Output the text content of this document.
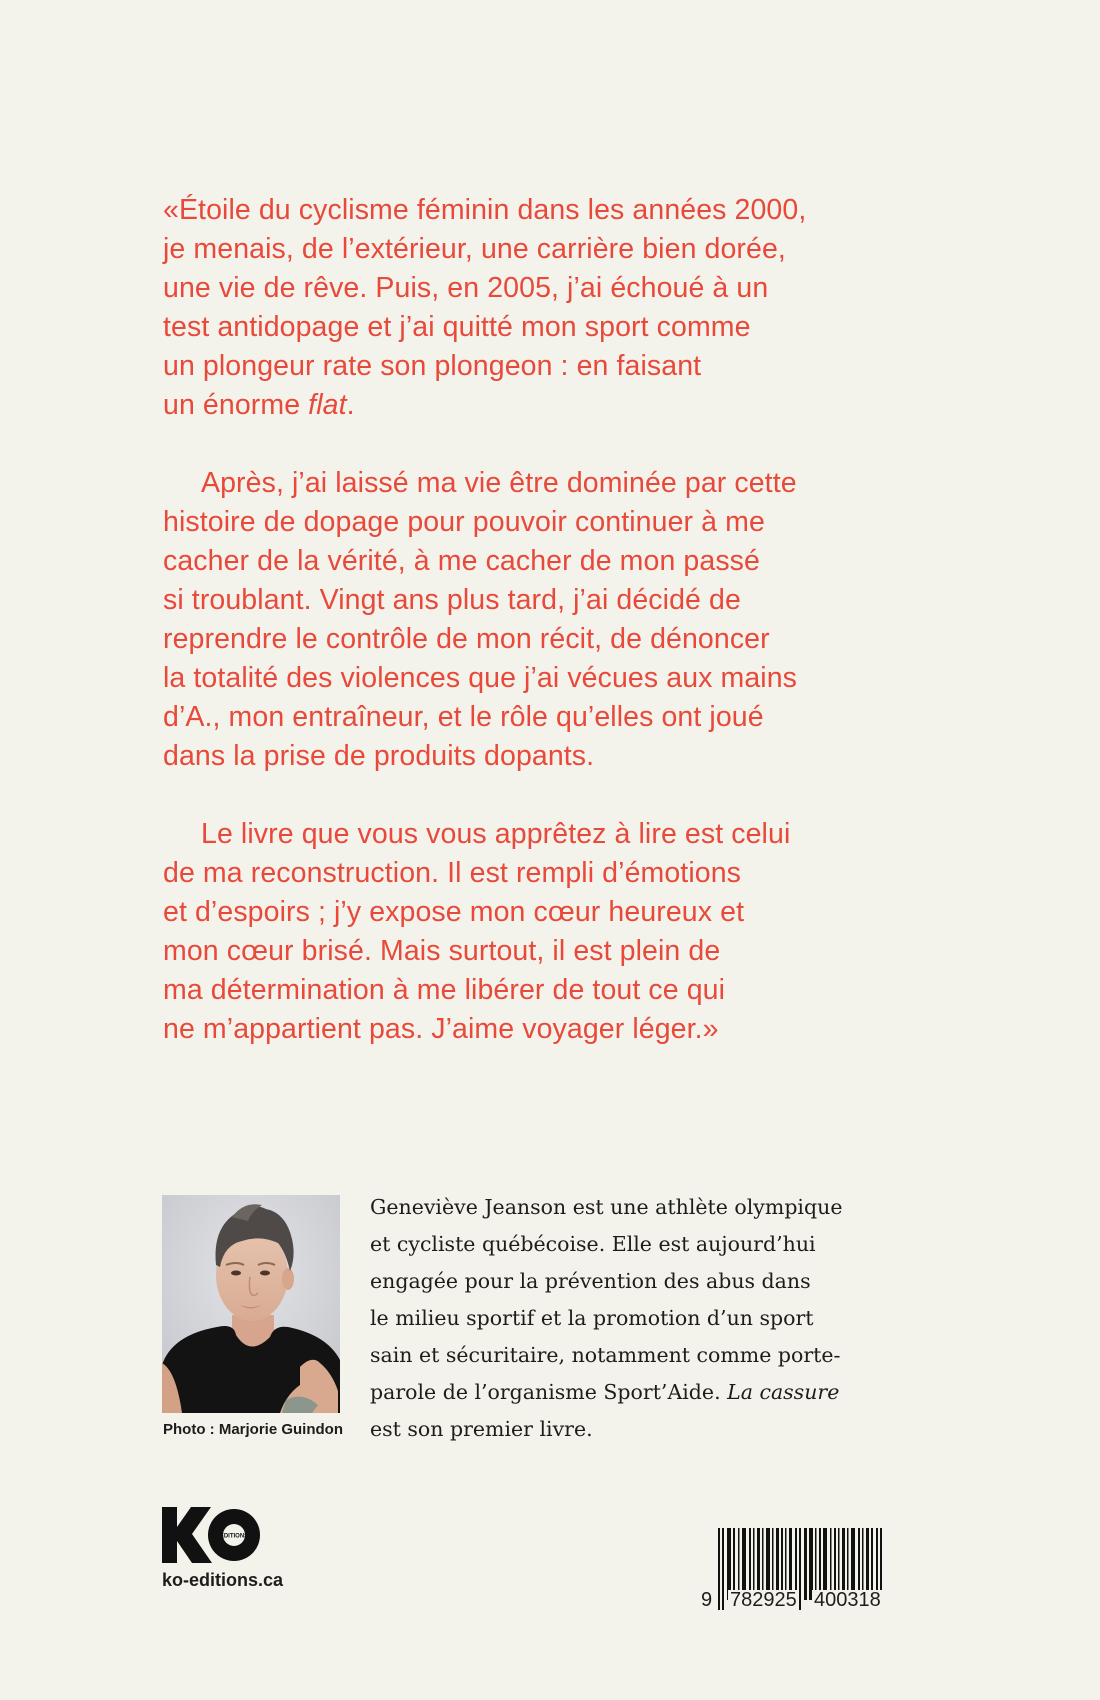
«Étoile du cyclisme féminin dans les années 2000,
je menais, de l’extérieur, une carrière bien dorée,
une vie de rêve. Puis, en 2005, j’ai échoué à un
test antidopage et j’ai quitté mon sport comme
un plongeur rate son plongeon : en faisant
un énorme flat.

Après, j’ai laissé ma vie être dominée par cette
histoire de dopage pour pouvoir continuer à me
cacher de la vérité, à me cacher de mon passé
si troublant. Vingt ans plus tard, j’ai décidé de
reprendre le contrôle de mon récit, de dénoncer
la totalité des violences que j’ai vécues aux mains
d’A., mon entraîneur, et le rôle qu’elles ont joué
dans la prise de produits dopants.

Le livre que vous vous apprêtez à lire est celui
de ma reconstruction. Il est rempli d’émotions
et d’espoirs ; j’y expose mon cœur heureux et
mon cœur brisé. Mais surtout, il est plein de
ma détermination à me libérer de tout ce qui
ne m’appartient pas. J’aime voyager léger.»

Photo : Marjorie Guindon
Geneviève Jeanson est une athlète olympique
et cycliste québécoise. Elle est aujourd’hui
engagée pour la prévention des abus dans
le milieu sportif et la promotion d’un sport
sain et sécuritaire, notamment comme porte-
parole de l’organisme Sport’Aide. La cassure
est son premier livre.
ÉDITIONS
ko-editions.ca
9 782925 400318
